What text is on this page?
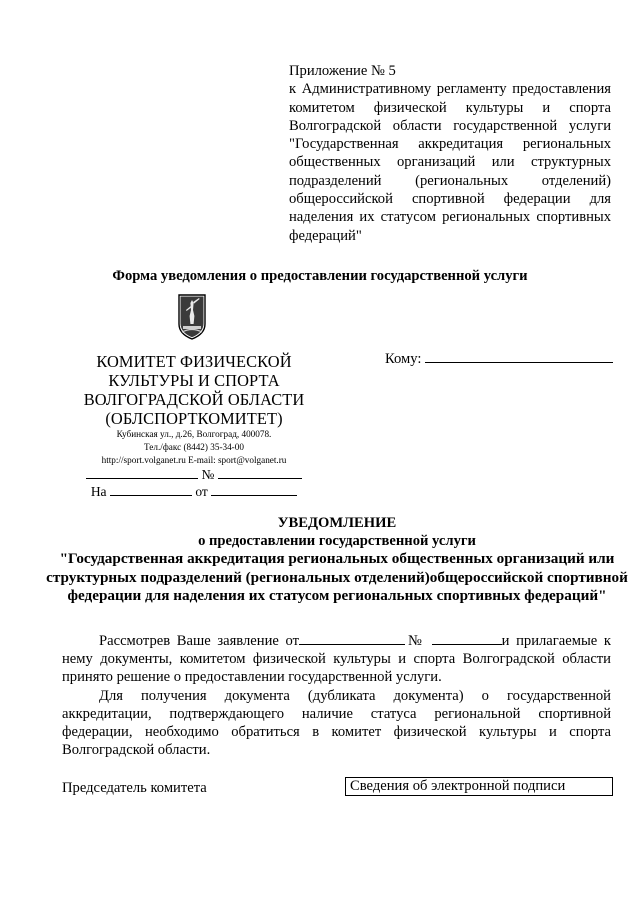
Приложение № 5
к Административному регламенту предоставления комитетом физической культуры и спорта Волгоградской области государственной услуги "Государственная аккредитация региональных общественных организаций или структурных подразделений (региональных отделений) общероссийской спортивной федерации для наделения их статусом региональных спортивных федераций"
Форма уведомления о предоставлении государственной услуги
КОМИТЕТ ФИЗИЧЕСКОЙ
КУЛЬТУРЫ И СПОРТА
ВОЛГОГРАДСКОЙ ОБЛАСТИ
(ОБЛСПОРТКОМИТЕТ)
Кубинская ул., д.26, Волгоград, 400078.
Тел./факс (8442) 35-34-00
http://sport.volganet.ru E-mail: sport@volganet.ru
№
На	от
Кому:
УВЕДОМЛЕНИЕ
о предоставлении государственной услуги
"Государственная аккредитация региональных общественных организаций или структурных подразделений (региональных отделений)общероссийской спортивной федерации для наделения их статусом региональных спортивных федераций"

Рассмотрев Ваше заявление от	№	и прилагаемые к нему документы, комитетом физической культуры и спорта Волгоградской области принято решение о предоставлении государственной услуги.

Для получения документа (дубликата документа) о государственной аккредитации, подтверждающего наличие статуса региональной спортивной федерации, необходимо обратиться в комитет физической культуры и спорта Волгоградской области.

Председатель комитета	Сведения об электронной подписи
